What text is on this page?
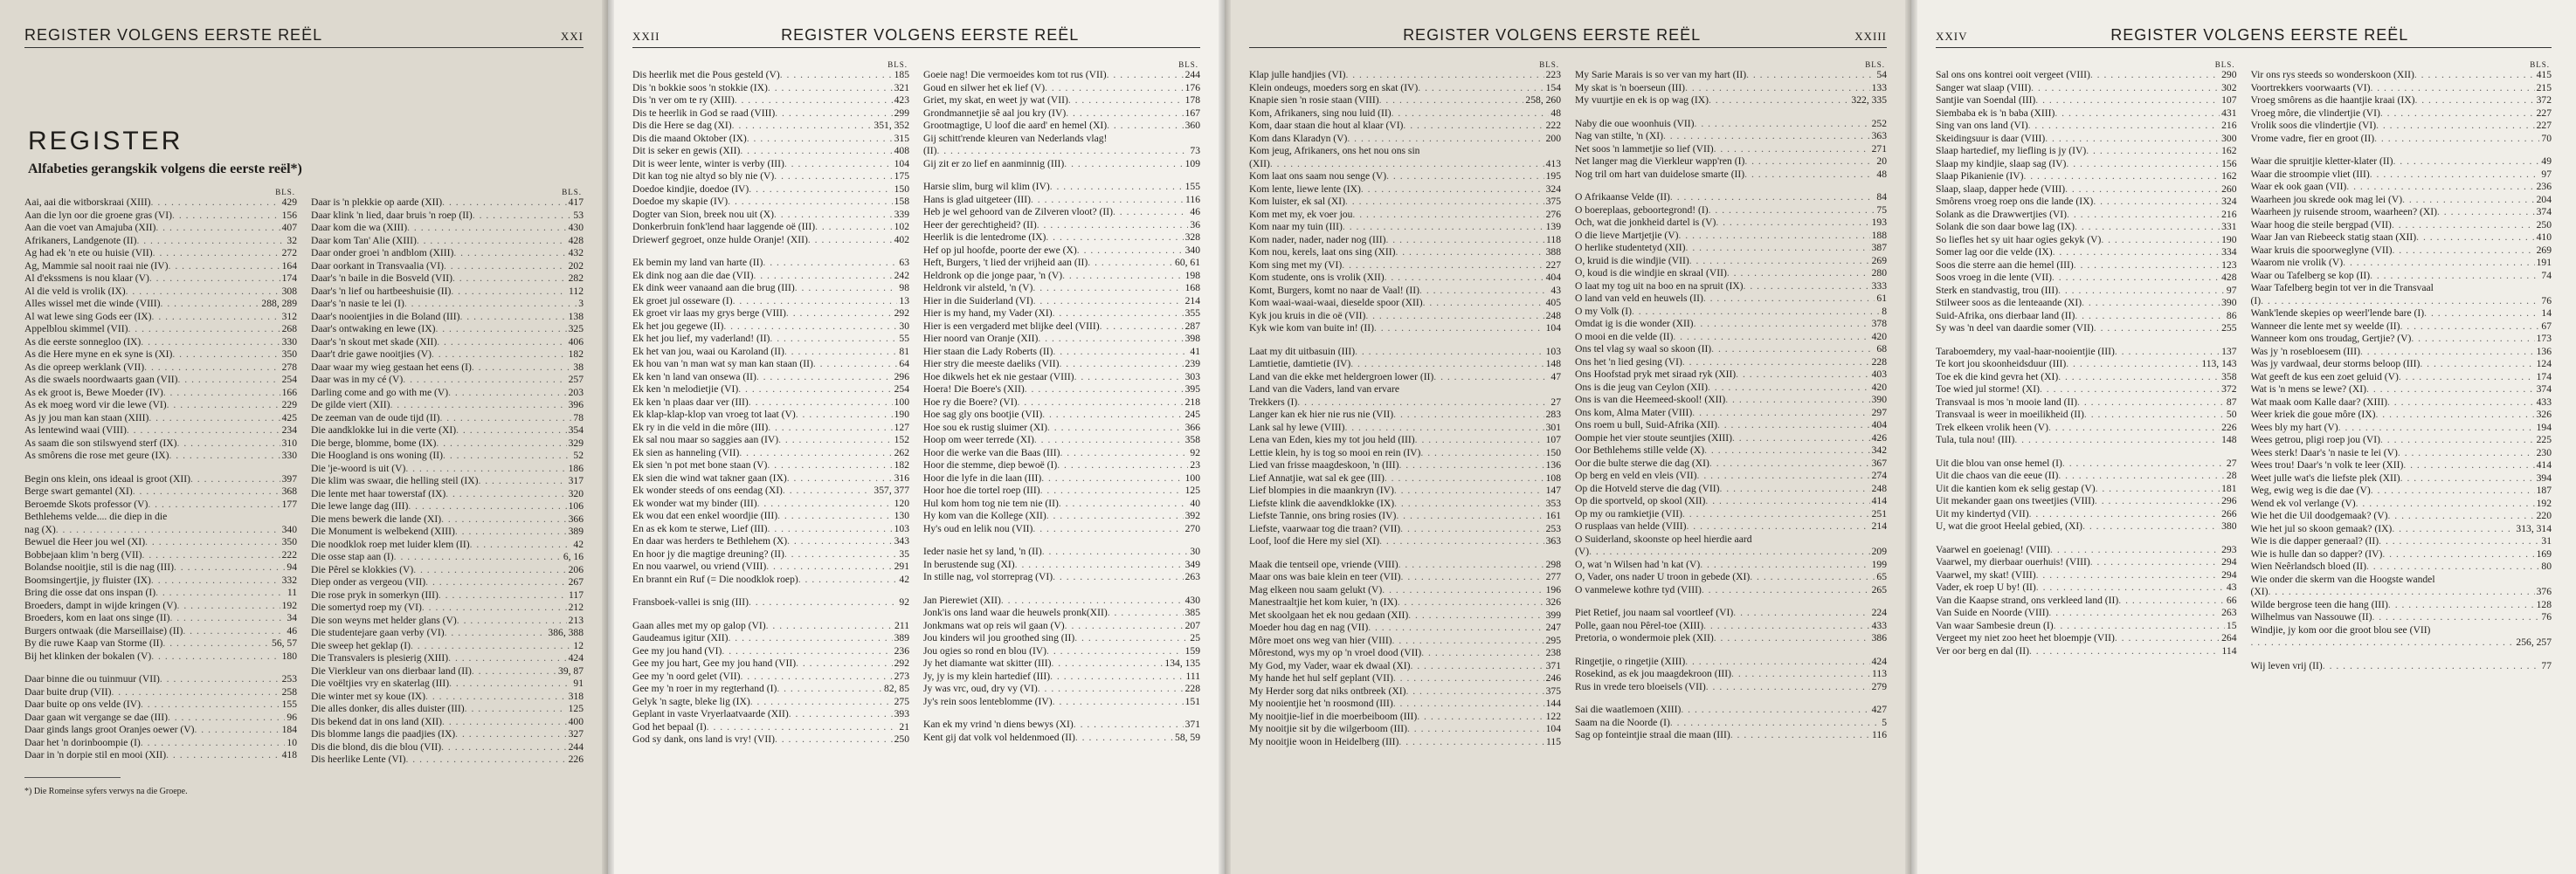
REGISTER VOLGENS EERSTE REËL	XXI
REGISTER
Alfabeties gerangskik volgens die eerste reël*)
BLS.
Aai, aai die witborskraai (XIII) . . .	429
Aan die lyn oor die groene gras (VI) . . .	156
Aan die voet van Amajuba (XII) . . .	407
Afrikaners, Landgenote (II) . . .	32
Ag had ek 'n ete ou huisie (VII) . . .	272
Ag, Mammie sal nooit raai nie (IV) . . .	164
Al d'ekssmens is nou klaar (V) . . .	174
Al die veld is vrolik (IX) . . .	308
Alles wissel met die winde (VIII) . . .	288, 289
Al wat lewe sing Gods eer (IX) . . .	312
Appelblou skimmel (VII) . . .	268
As die eerste sonnegloo (IX) . . .	330
As die Here myne en ek syne is (XI) . . .	350
As die opreep werklank (VII) . . .	278
As die swaels noordwaarts gaan (VII) . . .	254
As ek groot is, Bewe Moeder (IV) . . .	166
As ek moeg word vir die lewe (VI) . . .	229
As jy jou man kan staan (XIII) . . .	425
As lentewind waai (VIII) . . .	234
As saam die son stilswyend sterf (IX) . . .	310
As smôrens die rose met geure (IX) . . .	330
Begin ons klein, ons ideaal is groot (XII) . . .	397
Berge swart gemantel (XI) . . .	368
Beroemde Skots professor (V) . . .	177
Bethlehems velde.... die diep in die
nag (X) . . .	340
Bewuel die Heer jou wel (XI) . . .	350
Bobbejaan klim 'n berg (VII) . . .	222
Bolandse nooitjie, stil is die nag (III) . . .	94
Boomsingertjie, jy fluister (IX) . . .	332
Bring die osse dat ons inspan (I) . . .	11
Broeders, dampt in wijde kringen (V) . . .	192
Broeders, kom en laat ons singe (II) . . .	34
Burgers ontwaak (die Marseillaise) (II) . . .	46
By die ruwe Kaap van Storme (II) . . .	56, 57
Bij het klinken der bokalen (V) . . .	180
Daar binne die ou tuinmuur (VII) . . .	253
Daar buite drup (VII) . . .	258
Daar buite op ons velde (IV) . . .	155
Daar gaan wit vergange se dae (III) . . .	96
Daar ginds langs groot Oranjes oewer (V) . . .	184
Daar het 'n dorinboompie (I) . . .	10
Daar in 'n dorpie stil en mooi (XII) . . .	418
BLS.
Daar is 'n plekkie op aarde (XII) . . .	417
Daar klink 'n lied, daar bruis 'n roep (II) . . .	53
Daar kom die wa (XIII) . . .	430
Daar kom Tan' Alie (XIII) . . .	428
Daar onder groei 'n andblom (XIII) . . .	432
Daar oorkant in Transvaalia (VI) . . .	202
Daar's 'n baile in die Bosveld (VII) . . .	282
Daar's 'n lief ou hartbeeshuisie (II) . . .	112
Daar's 'n nasie te lei (I) . . .	3
Daar's nooientjies in die Boland (III) . . .	138
Daar's ontwaking en lewe (IX) . . .	325
Daar's 'n skout met skade (XII) . . .	406
Daar't drie gawe nooitjies (V) . . .	182
Daar waar my wieg gestaan het eens (I) . . .	38
Daar was in my cé (V) . . .	257
Darling come and go with me (V) . . .	203
De gilde viert (XII) . . .	396
De zeeman van de oude tijd (II) . . .	78
Die aandklokke lui in die verte (XI) . . .	354
Die berge, blomme, bome (IX) . . .	329
Die Hoogland is ons woning (II) . . .	52
Die 'je-woord is uit (V) . . .	186
Die klim was swaar, die helling steil (IX) . . .	317
Die lente met haar towerstaf (IX) . . .	320
Die lewe lange dag (III) . . .	106
Die mens bewerk die lande (XI) . . .	366
Die Monument is welbekend (XIII) . . .	389
Die noodklok roep met luider klem (II) . . .	42
Die osse stap aan (I) . . .	6, 16
Die Pêrel se klokkies (V) . . .	206
Diep onder as vergeou (VII) . . .	267
Die rose pryk in somerkyn (III) . . .	117
Die somertyd roep my (VI) . . .	212
Die son weyns met helder glans (V) . . .	213
Die studentejare gaan verby (VI) . . .	386, 388
Die sweep het geklap (I) . . .	12
Die Transvalers is plesierig (XIII) . . .	424
Die Vierkleur van ons dierbaar land (II) . . .	39, 87
Die voëltjies vry en skaterlag (III) . . .	91
Die winter met sy koue (IX) . . .	318
Die alles donker, dis alles duister (III) . . .	125
Dis bekend dat in ons land (XII) . . .	400
Dis blomme langs die paadjies (IX) . . .	327
Dis die blond, dis die blou (VII) . . .	244
Dis heerlike Lente (VI) . . .	226
*) Die Romeinse syfers verwys na die Groepe.
XXII	REGISTER VOLGENS EERSTE REËL
BLS.
Dis heerlik met die Pous gesteld (V) . . .	185
Dis 'n bokkie soos 'n stokkie (IX) . . .	321
Dis 'n ver om te ry (XIII) . . .	423
Dis te heerlik in God se raad (VIII) . . .	299
Dis die Here se dag (XI) . . .	351, 352
Dis die maand Oktober (IX) . . .	315
Dit is seker en gewis (XII) . . .	408
Dit is weer lente, winter is verby (III) . . .	104
Dit kan tog nie altyd so bly nie (V) . . .	175
Doedoe kindjie, doedoe (IV) . . .	150
Doedoe my skapie (IV) . . .	158
Dogter van Sion, breek nou uit (X) . . .	339
Donkerbruin fonk'lend haar laggende oë (III) . . .	102
Driewerf gegroet, onze hulde Oranje! (XII) . . .	402
Ek bemin my land van harte (II) . . .	63
Ek dink nog aan die dae (VII) . . .	242
Ek dink weer vanaand aan die brug (III) . . .	98
Ek groet jul osseware (I) . . .	13
Ek groet vir laas my grys berge (VIII) . . .	292
Ek het jou gegewe (II) . . .	30
Ek het jou lief, my vaderland! (II) . . .	55
Ek het van jou, waai ou Karoland (II) . . .	81
Ek hou van 'n man wat sy man kan staan (II) . . .	64
Ek ken 'n land van onsewa (II) . . .	296
Ek ken 'n melodietjie (VI) . . .	254
Ek ken 'n plaas daar ver (III) . . .	100
Ek klap-klap-klop van vroeg tot laat (V) . . .	190
Ek ry in die veld in die môre (III) . . .	127
Ek sal nou maar so saggies aan (IV) . . .	152
Ek sien as hanneling (VII) . . .	262
Ek sien 'n pot met bone staan (V) . . .	182
Ek sien die wind wat takner gaan (IX) . . .	316
Ek wonder steeds of ons eendag (XI) . . .	357, 377
Ek wonder wat my binder (III) . . .	120
Ek wou dat een enkel woordjie (III) . . .	130
En as ek kom te sterwe, Lief (III) . . .	103
En daar was herders te Bethlehem (X) . . .	343
En hoor jy die magtige dreuning? (II) . . .	35
En nou vaarwel, ou vriend (VIII) . . .	291
En brannt ein Ruf (= Die noodklok roep) . . .	42
Fransboek-vallei is snig (III) . . .	92
Gaan alles met my op galop (VI) . . .	211
Gaudeamus igitur (XII) . . .	389
Gee my jou hand (VI) . . .	236
Gee my jou hart, Gee my jou hand (VII) . . .	292
Gee my 'n oord gelet (VII) . . .	273
Gee my 'n roer in my regterhand (I) . . .	82, 85
Gelyk 'n sagte, bleke lig (IX) . . .	275
Geplant in vaste Vryerlaatvaarde (XII) . . .	393
God het bepaal (I) . . .	21
God sy dank, ons land is vry! (VII) . . .	250
BLS.
Goeie nag! Die vermoeides kom tot rus (VII) . . .	244
Goud en silwer het ek lief (V) . . .	176
Griet, my skat, en weet jy wat (VII) . . .	178
Grondmannetjie sê aal jou kry (IV) . . .	167
Grootmagtige, U loof die aard' en hemel (XI) . . .	360
Gij schitt'rende kleuren van Nederlands vlag!
(II) . . .	73
Gij zit er zo lief en aanminnig (III) . . .	109
Harsie slim, burg wil klim (IV) . . .	155
Hans is glad uitgeteer (III) . . .	116
Heb je wel gehoord van de Zilveren vloot? (II) . . .	46
Heer der gerechtigheid? (II) . . .	36
Heerlik is die lentedrome (IX) . . .	328
Hef op jul hoofde, poorte der ewe (X) . . .	340
Heft, Burgers, 't lied der vrijheid aan (II) . . .	60, 61
Heldronk op die jonge paar, 'n (V) . . .	198
Heldronk vir alsteld, 'n (V) . . .	168
Hier in die Suiderland (VI) . . .	214
Hier is my hand, my Vader (XI) . . .	355
Hier is een vergaderd met blijke deel (VIII) . . .	287
Hier noord van Oranje (XII) . . .	398
Hier staan die Lady Roberts (II) . . .	41
Hier stry die meeste daeliks (VII) . . .	239
Hoe dikwels het ek nie gestaar (VIII) . . .	303
Hoera! Die Boere's (XII) . . .	395
Hoe ry die Boere? (VI) . . .	218
Hoe sag gly ons bootjie (VII) . . .	245
Hoe sou ek rustig sluimer (XI) . . .	366
Hoop om weer terrede (XI) . . .	358
Hoor die werke van die Baas (III) . . .	92
Hoor die stemme, diep bewoë (I) . . .	23
Hoor die lyfe in die laan (III) . . .	100
Hoor hoe die tortel roep (III) . . .	125
Hul kom hom tog nie tem nie (II) . . .	40
Hy kom van die Kollege (XII) . . .	392
Hy's oud en lelik nou (VII) . . .	270
Ieder nasie het sy land, 'n (II) . . .	30
In berustende sug (XI) . . .	349
In stille nag, vol storreprag (VI) . . .	263
Jan Pierewiet (XII) . . .	430
Jonk'is ons land waar die heuwels pronk(XII) . . .	385
Jonkmans wat op reis wil gaan (V) . . .	207
Jou kinders wil jou groothed sing (II) . . .	25
Jou ogies so rond en blou (IV) . . .	159
Jy het diamante wat skitter (III) . . .	134, 135
Jy, jy is my klein hartedief (III) . . .	111
Jy was vrc, oud, dry vy (VI) . . .	228
Jy's rein soos lenteblomme (IV) . . .	151
Kan ek my vrind 'n diens bewys (XI) . . .	371
Kent gij dat volk vol heldenmoed (II) . . .	58, 59
REGISTER VOLGENS EERSTE REËL	XXIII
BLS.
Klap julle handjies (VI) . . .	223
Klein ondeugs, moeders sorg en skat (IV) . . .	154
Knapie sien 'n rosie staan (VIII) . . .	258, 260
Kom, Afrikaners, sing nou luid (II) . . .	48
Kom, daar staan die hout al klaar (VI) . . .	222
Kom dans Klaradyn (V) . . .	200
Kom jeug, Afrikaners, ons het nou ons sin
(XII) . . .	413
Kom laat ons saam nou senge (V) . . .	195
Kom lente, liewe lente (IX) . . .	324
Kom luister, ek sal (XI) . . .	375
Kom met my, ek voer jou . . .	276
Kom naar my tuin (III) . . .	139
Kom nader, nader, nader nog (III) . . .	118
Kom nou, kerels, laat ons sing (XII) . . .	388
Kom sing met my (VI) . . .	227
Kom studente, ons is vrolik (XII) . . .	404
Komt, Burgers, komt no naar de Vaal! (II) . . .	43
Kom waai-waai-waai, dieselde spoor (XII) . . .	405
Kyk jou kruis in die oë (VII) . . .	248
Kyk wie kom van buite in! (II) . . .	104
Laat my dit uitbasuin (III) . . .	103
Lamtietie, damtietie (IV) . . .	148
Land van die ekke met heldergroen lower (II) . . .	47
Land van die Vaders, land van ervare
Trekkers (I) . . .	27
Langer kan ek hier nie rus nie (VII) . . .	283
Lank sal hy lewe (VIII) . . .	301
Lena van Eden, kies my tot jou held (III) . . .	107
Lettie klein, hy is tog so mooi en rein (IV) . . .	150
Lied van frisse maagdeskoon, 'n (III) . . .	136
Lief Annatjie, wat sal ek gee (III) . . .	108
Lief blompies in die maankryn (IV) . . .	147
Liefste klink die aavendklokke (IX) . . .	353
Liefste Tannie, ons bring rosies (IV) . . .	161
Liefste, vaarwaar tog die traan? (VII) . . .	253
Loof, loof die Here my siel (XI) . . .	363
Maak die tentseil ope, vriende (VIII) . . .	298
Maar ons was baie klein en teer (VII) . . .	277
Mag elkeen nou saam gelukt (V) . . .	196
Manestraaltjie het kom kuier, 'n (IX) . . .	326
Met skoolgaan het ek nou gedaan (XII) . . .	399
Moeder hou dag en nag (VII) . . .	247
Môre moet ons weg van hier (VIII) . . .	295
Môrestond, wys my op 'n vroel dood (VII) . . .	238
My God, my Vader, waar ek dwaal (XI) . . .	371
My hande het hul self geplant (VII) . . .	246
My Herder sorg dat niks ontbreek (XI) . . .	375
My nooientjie het 'n roosmond (III) . . .	144
My nooitjie-lief in die moerbeiboom (III) . . .	122
My nooitjie sit by die wilgerboom (III) . . .	104
My nooitjie woon in Heidelberg (III) . . .	115
BLS.
My Sarie Marais is so ver van my hart (II) . . .	54
My skat is 'n boerseun (III) . . .	133
My vuurtjie en ek is op wag (IX) . . .	322, 335
Naby die oue woonhuis (VII) . . .	252
Nag van stilte, 'n (XI) . . .	363
Net soos 'n lammetjie so lief (VII) . . .	271
Net langer mag die Vierkleur wapp'ren (I) . . .	20
Nog tril om hart van duidelose smarte (II) . . .	48
O Afrikaanse Velde (II) . . .	84
O boereplaas, geboortegrond! (I) . . .	75
Och, wat die jonkheid dartel is (V) . . .	193
O die lieve Martjetjie (V) . . .	188
O herlike studentetyd (XII) . . .	387
O, kruid is die windjie (VII) . . .	269
O, koud is die windjie en skraal (VII) . . .	280
O laat my tog uit na boo en na spruit (IX) . . .	333
O land van veld en heuwels (II) . . .	61
O my Volk (I) . . .	8
Omdat ig is die wonder (XII) . . .	378
O mooi en die velde (II) . . .	420
Ons tel vlag sy waal so skoon (II) . . .	68
Ons het 'n lied gesing (VI) . . .	228
Ons Hoofstad pryk met siraad ryk (XII) . . .	403
Ons is die jeug van Ceylon (XII) . . .	420
Ons is van die Heemeed-skool! (XII) . . .	390
Ons kom, Alma Mater (VIII) . . .	297
Ons roem u bull, Suid-Afrika (XII) . . .	404
Oompie het vier stoute seuntjies (XIII) . . .	426
Oor Bethlehems stille velde (X) . . .	342
Oor die bulte sterwe die dag (XI) . . .	367
Op berg en veld en vleis (VII) . . .	274
Op die Hotveld sterve die dag (VII) . . .	248
Op die sportveld, op skool (XII) . . .	414
Op my ou ramkietjie (VII) . . .	251
O rusplaas van helde (VIII) . . .	214
O Suiderland, skoonste op heel hierdie aard
(V) . . .	209
O, wat 'n Wilsen had 'n kat (V) . . .	199
O, Vader, ons nader U troon in gebede (XI) . . .	65
O vanmelewe kothre tyd (VIII) . . .	265
Piet Retief, jou naam sal voortleef (VI) . . .	224
Polle, gaan nou Pêrel-toe (XIII) . . .	433
Pretoria, o wondermoie plek (XII) . . .	386
Ringetjie, o ringetjie (XIII) . . .	424
Rosekind, as ek jou maagdekroon (III) . . .	113
Rus in vrede tero bloeisels (VII) . . .	279
Sai die waatlemoen (XIII) . . .	427
Saam na die Noorde (I) . . .	5
Sag op fonteintjie straal die maan (III) . . .	116
XXIV	REGISTER VOLGENS EERSTE REËL
BLS.
Sal ons ons kontrei ooit vergeet (VIII) . . .	290
Sanger wat slaap (VIII) . . .	302
Santjie van Soendal (III) . . .	107
Siembaba ek is 'n baba (XIII) . . .	431
Sing van ons land (VI) . . .	216
Skeidingsuur is daar (VIII) . . .	300
Slaap hartedief, my liefling is jy (IV) . . .	162
Slaap my kindjie, slaap sag (IV) . . .	156
Slaap Pikanienie (IV) . . .	162
Slaap, slaap, dapper hede (VIII) . . .	260
Smôrens vroeg roep ons die lande (IX) . . .	324
Solank as die Drawwertjies (VI) . . .	216
Solank die son daar bowe lag (IX) . . .	331
So liefles het sy uit haar ogies gekyk (V) . . .	190
Somer lag oor die velde (IX) . . .	334
Soos die sterre aan die hemel (III) . . .	123
Soos vroeg in die lente (VII) . . .	428
Sterk en standvastig, trou (III) . . .	97
Stilweer soos as die lenteaande (XI) . . .	390
Suid-Afrika, ons dierbaar land (II) . . .	86
Sy was 'n deel van daardie somer (VII) . . .	255
Taraboemdery, my vaal-haar-nooientjie (III) . . .	137
Te kort jou skoonheidsduur (III) . . .	113, 143
Toe ek die kind gevra het (XI) . . .	358
Toe wied jul storme! (XI) . . .	372
Transvaal is mos 'n mooie land (II) . . .	87
Transvaal is weer in moeilikheid (II) . . .	50
Trek elkeen vrolik heen (V) . . .	226
Tula, tula nou! (III) . . .	148
Uit die blou van onse hemel (I) . . .	27
Uit die chaos van die eeue (II) . . .	28
Uit die kantien kom ek selig gestap (V) . . .	181
Uit mekander gaan ons tweetjies (VIII) . . .	296
Uit my kindertyd (VII) . . .	266
U, wat die groot Heelal gebied, (XI) . . .	380
Vaarwel en goeienag! (VIII) . . .	293
Vaarwel, my dierbaar ouerhuis! (VIII) . . .	294
Vaarwel, my skat! (VIII) . . .	294
Vader, ek roep U by! (II) . . .	43
Van die Kaapse strand, ons verkleed land (II) . . .	66
Van Suide en Noorde (VIII) . . .	263
Van waar Sambesie dreun (I) . . .	15
Vergeet my niet zoo heet het bloempje (VII) . . .	264
Ver oor berg en dal (II) . . .	114
BLS.
Vir ons rys steeds so wonderskoon (XII) . . .	415
Voortrekkers voorwaarts (VI) . . .	215
Vroeg smôrens as die haantjie kraai (IX) . . .	372
Vroeg môre, die vlindertjie (VI) . . .	227
Vrolik soos die vlindertjie (VI) . . .	227
Vrome vadre, fier en groot (II) . . .	70
Waar die spruitjie kletter-klater (II) . . .	49
Waar die stroompie vliet (III) . . .	97
Waar ek ook gaan (VII) . . .	236
Waarheen jou skrede ook mag lei (V) . . .	204
Waarheen jy ruisende stroom, waarheen? (XI) . . .	374
Waar hoog die steile bergpad (VII) . . .	250
Waar Jan van Riebeeck statig staan (XII) . . .	410
Waar kruis die spoorweglyne (VII) . . .	269
Waarom nie vrolik (V) . . .	191
Waar ou Tafelberg se kop (II) . . .	74
Waar Tafelberg begin tot ver in die Transvaal
(I) . . .	76
Wank'lende skepies op weerl'lende bare (I) . . .	14
Wanneer die lente met sy weelde (II) . . .	67
Wanneer kom ons troudag, Gertjie? (V) . . .	173
Was jy 'n rosebloesem (III) . . .	136
Was jy vardwaal, deur storms beloop (III) . . .	124
Wat geeft de kus een zoet geluid (V) . . .	174
Wat is 'n mens se lewe? (XI) . . .	374
Wat maak oom Kalle daar? (XIII) . . .	433
Weer kriek die goue môre (IX) . . .	326
Wees bly my hart (V) . . .	194
Wees getrou, pligi roep jou (VI) . . .	225
Wees sterk! Daar's 'n nasie te lei (V) . . .	230
Wees trou! Daar's 'n volk te leer (XII) . . .	414
Weet julle wat's die liefste plek (XII) . . .	394
Weg, ewig weg is die dae (V) . . .	187
Wend ek vol verlange (V) . . .	192
Wie het die Uil doodgemaak? (V) . . .	220
Wie het jul so skoon gemaak? (IX) . . .	313, 314
Wie is die dapper generaal? (II) . . .	31
Wie is hulle dan so dapper? (IV) . . .	169
Wien Neêrlandsch bloed (II) . . .	80
Wie onder die skerm van die Hoogste wandel
(XI) . . .	376
Wilde bergrose teen die hang (III) . . .	128
Wilhelmus van Nassouwe (II) . . .	76
Windjie, jy kom oor die groot blou see (VII)
. . .
256, 257
Wij leven vrij (II) . . .	77
